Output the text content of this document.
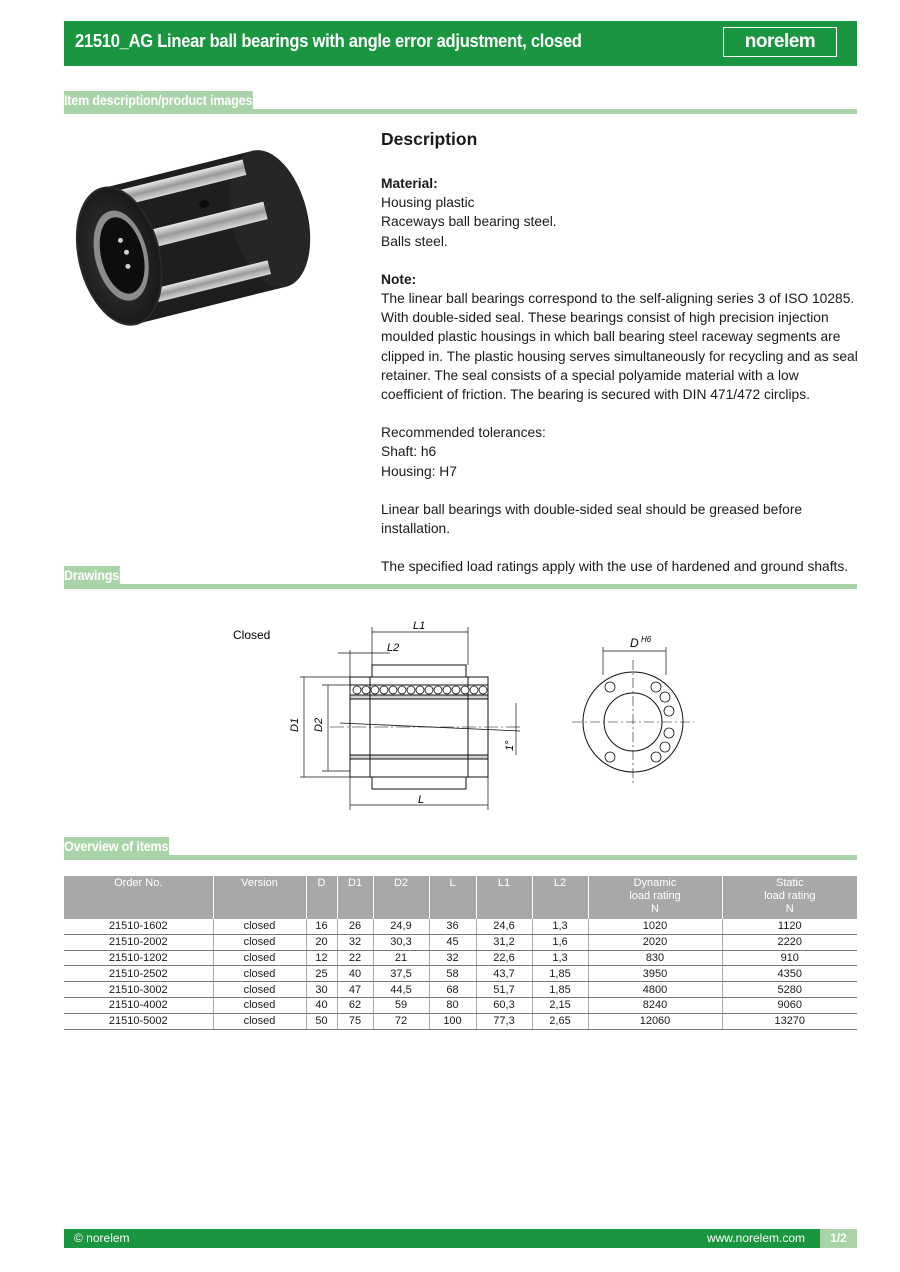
21510_AG Linear ball bearings with angle error adjustment, closed	norelem
Item description/product images
Description

Material:
Housing plastic
Raceways ball bearing steel.
Balls steel.

Note:
The linear ball bearings correspond to the self-aligning series 3 of ISO 10285. With double-sided seal. These bearings consist of high precision injection moulded plastic housings in which ball bearing steel raceway segments are clipped in. The plastic housing serves simultaneously for recycling and as seal retainer. The seal consists of a special polyamide material with a low coefficient of friction. The bearing is secured with DIN 471/472 circlips.

Recommended tolerances:
Shaft: h6
Housing: H7

Linear ball bearings with double-sided seal should be greased before installation.

The specified load ratings apply with the use of hardened and ground shafts.

Drawings
Closed
L1
L2
D1 D2
L
1°
D H6
Overview of items
Order No.	Version	D	D1	D2	L	L1	L2	Dynamic
load rating
N	Static
load rating
N
21510-1602	closed	16	26	24,9	36	24,6	1,3	1020	1120
21510-2002	closed	20	32	30,3	45	31,2	1,6	2020	2220
21510-1202	closed	12	22	21	32	22,6	1,3	830	910
21510-2502	closed	25	40	37,5	58	43,7	1,85	3950	4350
21510-3002	closed	30	47	44,5	68	51,7	1,85	4800	5280
21510-4002	closed	40	62	59	80	60,3	2,15	8240	9060
21510-5002	closed	50	75	72	100	77,3	2,65	12060	13270
© norelem	www.norelem.com	1/2
